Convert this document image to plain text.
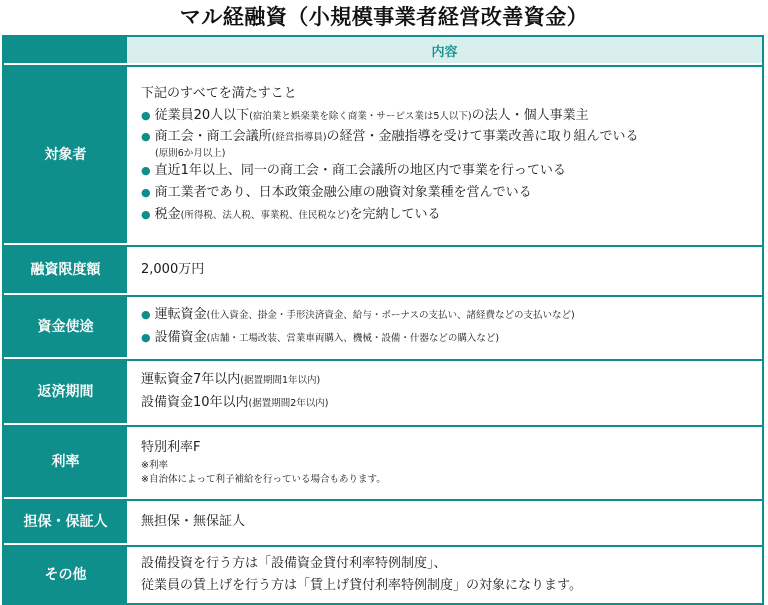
マル経融資（小規模事業者経営改善資金）
内容
対象者
下記のすべてを満たすこと
● 従業員20人以下(宿泊業と娯楽業を除く商業・サービス業は5人以下)の法人・個人事業主
● 商工会・商工会議所(経営指導員)の経営・金融指導を受けて事業改善に取り組んでいる
(原則6か月以上)
● 直近1年以上、同一の商工会・商工会議所の地区内で事業を行っている
● 商工業者であり、日本政策金融公庫の融資対象業種を営んでいる
● 税金(所得税、法人税、事業税、住民税など)を完納している
融資限度額	2,000万円
資金使途
● 運転資金(仕入資金、掛金・手形決済資金、給与・ボーナスの支払い、諸経費などの支払いなど)
● 設備資金(店舗・工場改装、営業車両購入、機械・設備・什器などの購入など)
返済期間
運転資金7年以内(据置期間1年以内)
設備資金10年以内(据置期間2年以内)
利率
特別利率F
※利率
※自治体によって利子補給を行っている場合もあります。
担保・保証人	無担保・無保証人
その他
設備投資を行う方は「設備資金貸付利率特例制度」、
従業員の賃上げを行う方は「賃上げ貸付利率特例制度」の対象になります。
